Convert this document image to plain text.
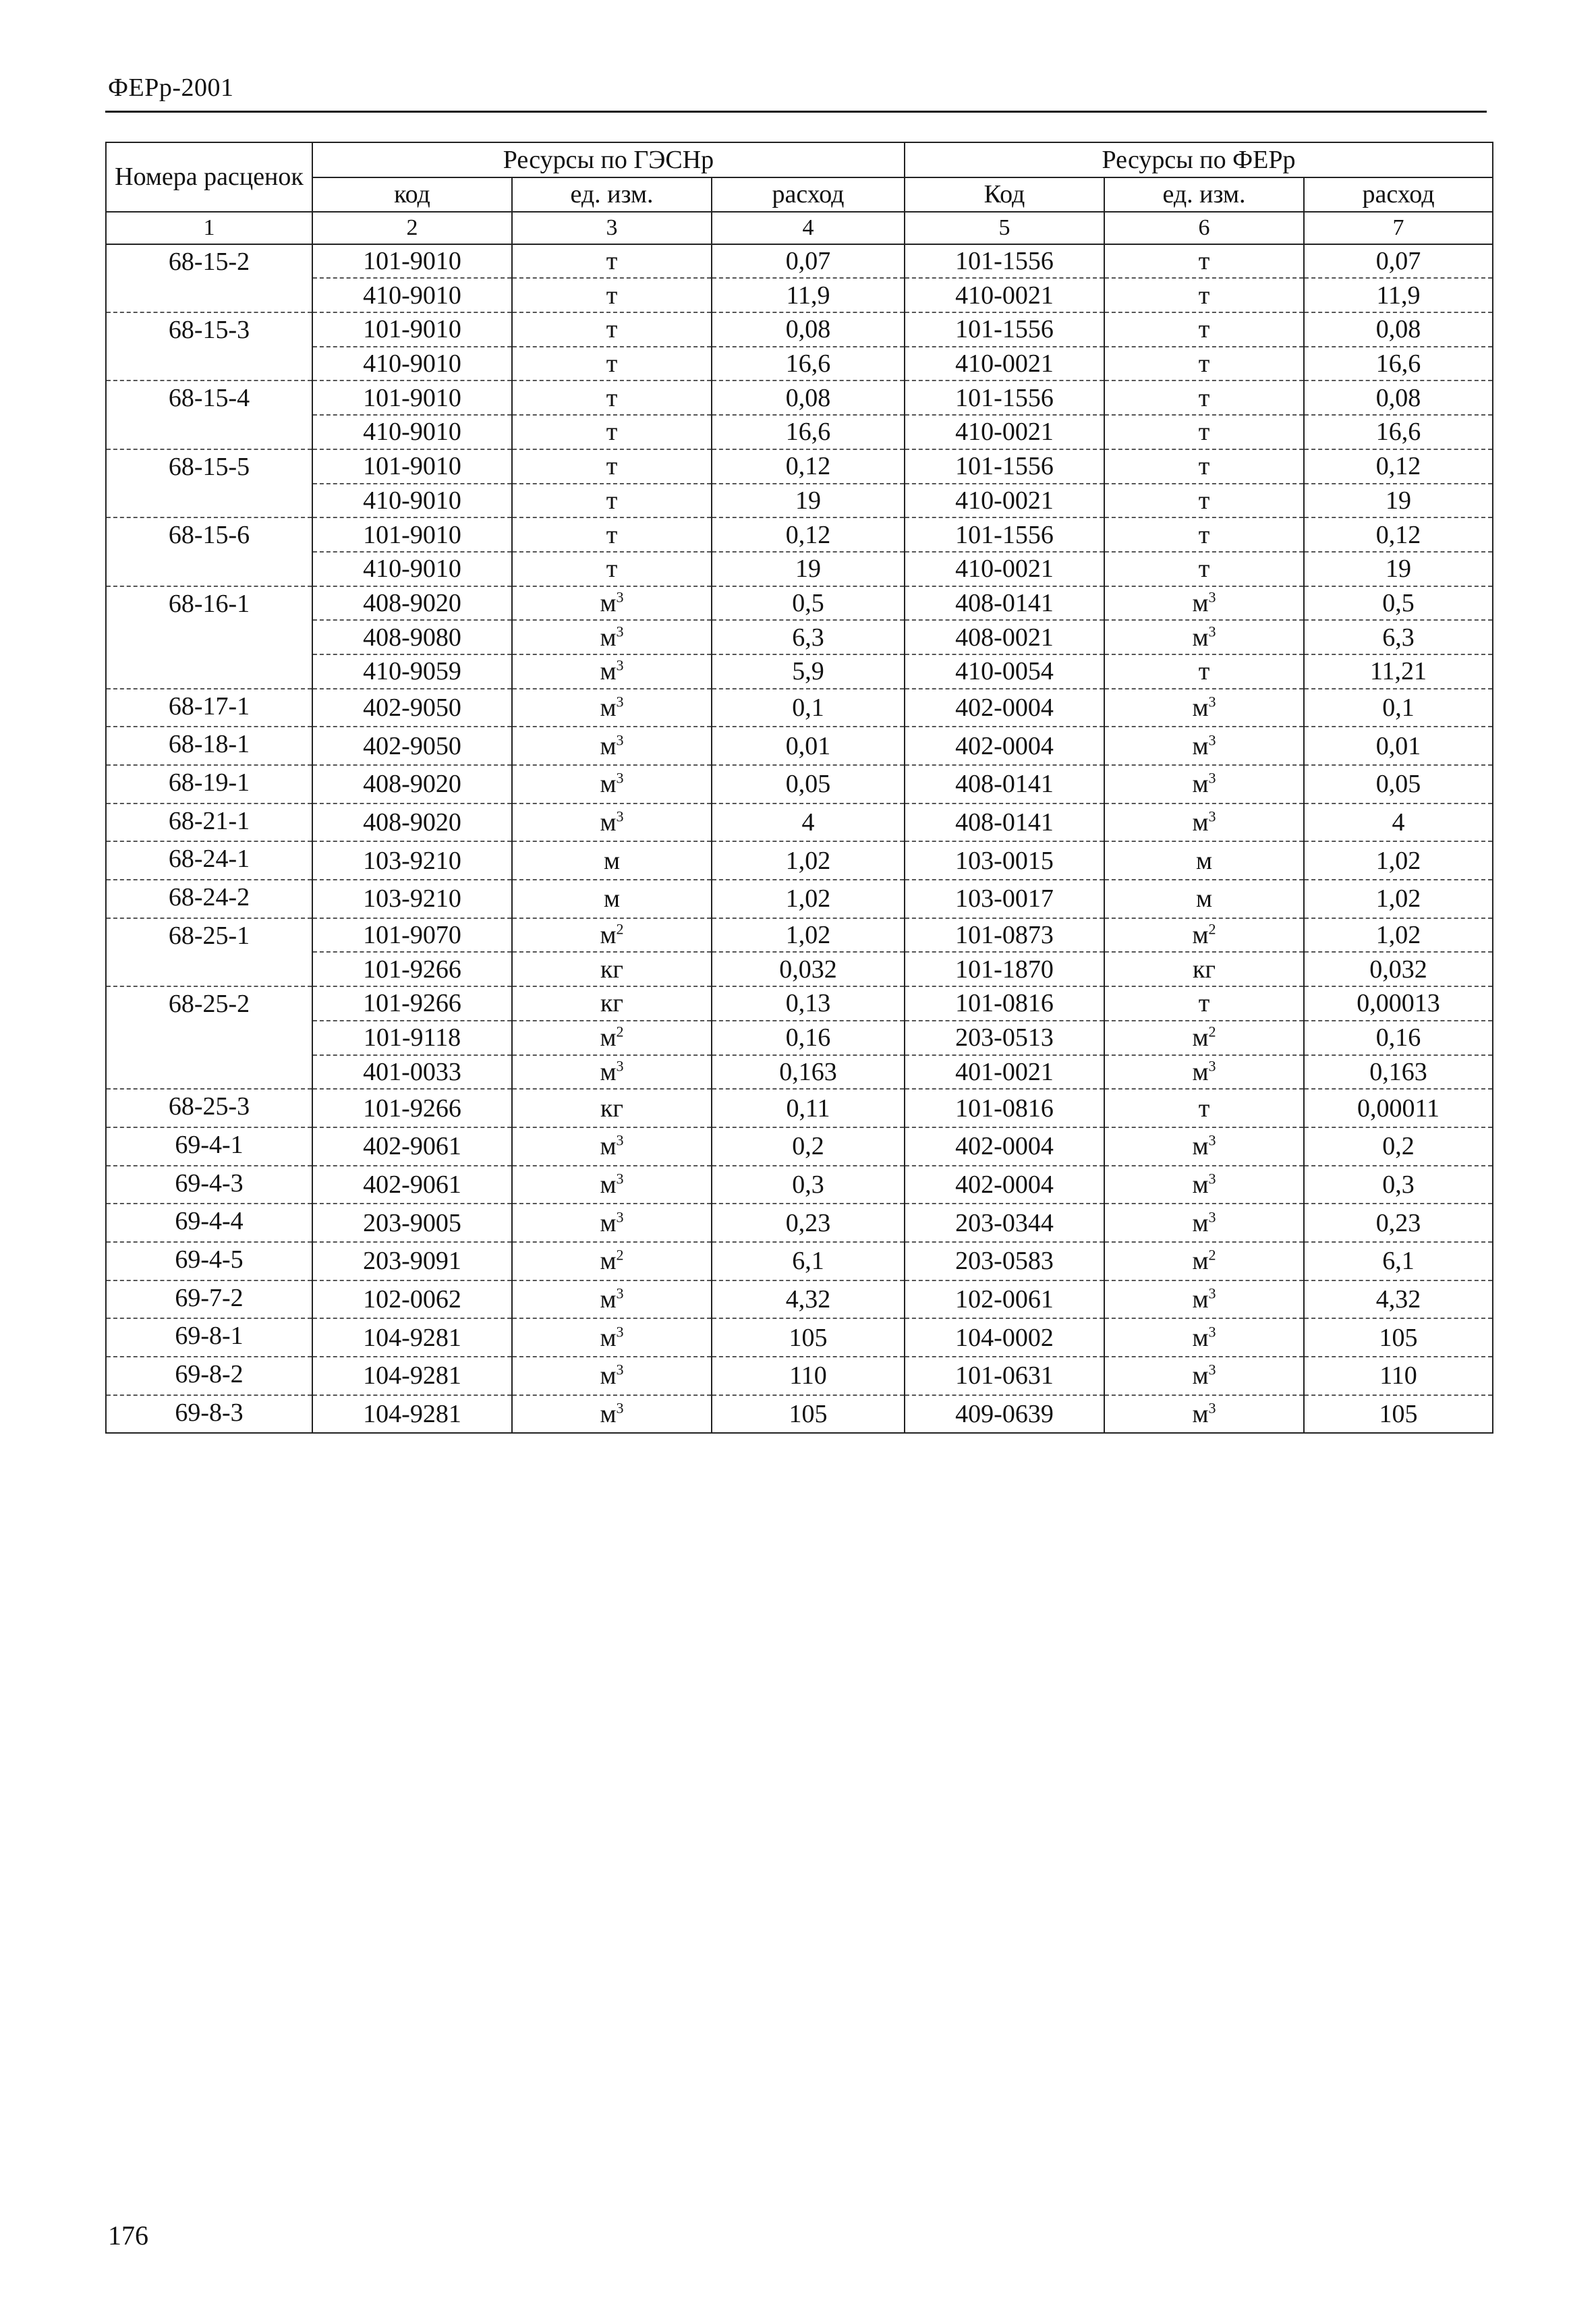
ФЕРр-2001
Номера расценок	Ресурсы по ГЭСНр			Ресурсы по ФЕРр		
	код	ед. изм.	расход	Код	ед. изм.	расход
1	2	3	4	5	6	7
68-15-2	101-9010	т	0,07	101-1556	т	0,07
	410-9010	т	11,9	410-0021	т	11,9
68-15-3	101-9010	т	0,08	101-1556	т	0,08
	410-9010	т	16,6	410-0021	т	16,6
68-15-4	101-9010	т	0,08	101-1556	т	0,08
	410-9010	т	16,6	410-0021	т	16,6
68-15-5	101-9010	т	0,12	101-1556	т	0,12
	410-9010	т	19	410-0021	т	19
68-15-6	101-9010	т	0,12	101-1556	т	0,12
	410-9010	т	19	410-0021	т	19
68-16-1	408-9020	$м^3$	0,5	408-0141	$м^3$	0,5
	408-9080	$м^3$	6,3	408-0021	$м^3$	6,3
	410-9059	$м^3$	5,9	410-0054	т	11,21
68-17-1	402-9050	$м^3$	0,1	402-0004	$м^3$	0,1
68-18-1	402-9050	$м^3$	0,01	402-0004	$м^3$	0,01
68-19-1	408-9020	$м^3$	0,05	408-0141	$м^3$	0,05
68-21-1	408-9020	$м^3$	4	408-0141	$м^3$	4
68-24-1	103-9210	м	1,02	103-0015	м	1,02
68-24-2	103-9210	м	1,02	103-0017	м	1,02
68-25-1	101-9070	$м^2$	1,02	101-0873	$м^2$	1,02
	101-9266	кг	0,032	101-1870	кг	0,032
68-25-2	101-9266	кг	0,13	101-0816	т	0,00013
	101-9118	$м^2$	0,16	203-0513	$м^2$	0,16
	401-0033	$м^3$	0,163	401-0021	$м^3$	0,163
68-25-3	101-9266	кг	0,11	101-0816	т	0,00011
69-4-1	402-9061	$м^3$	0,2	402-0004	$м^3$	0,2
69-4-3	402-9061	$м^3$	0,3	402-0004	$м^3$	0,3
69-4-4	203-9005	$м^3$	0,23	203-0344	$м^3$	0,23
69-4-5	203-9091	$м^2$	6,1	203-0583	$м^2$	6,1
69-7-2	102-0062	$м^3$	4,32	102-0061	$м^3$	4,32
69-8-1	104-9281	$м^3$	105	104-0002	$м^3$	105
69-8-2	104-9281	$м^3$	110	101-0631	$м^3$	110
69-8-3	104-9281	$м^3$	105	409-0639	$м^3$	105
176
